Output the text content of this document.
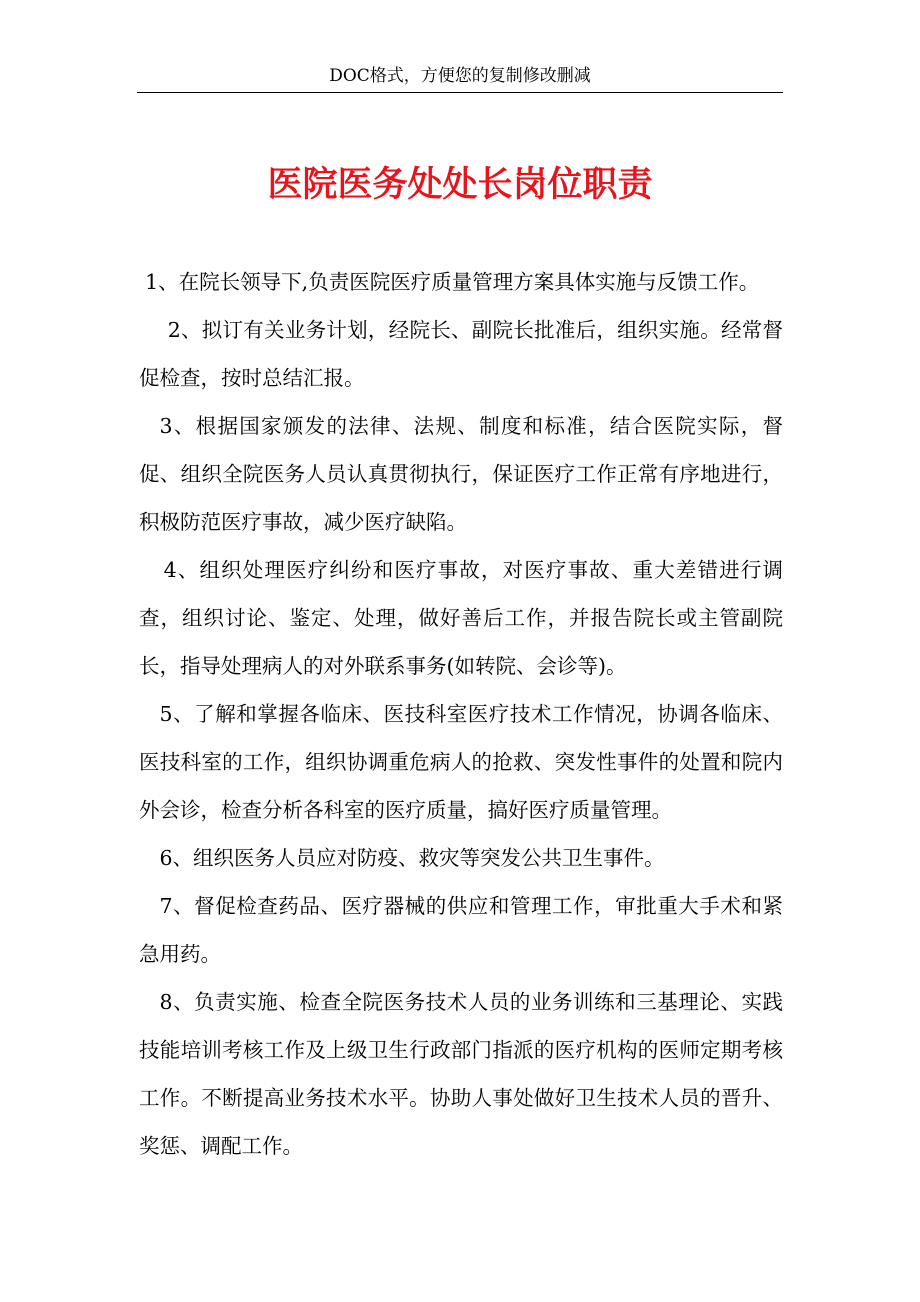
DOC格式，方便您的复制修改删减
医院医务处处长岗位职责

1、在院长领导下,负责医院医疗质量管理方案具体实施与反馈工作。

2、拟订有关业务计划，经院长、副院长批准后，组织实施。经常督促检查，按时总结汇报。

3、根据国家颁发的法律、法规、制度和标准，结合医院实际，督促、组织全院医务人员认真贯彻执行，保证医疗工作正常有序地进行，积极防范医疗事故，减少医疗缺陷。

4、组织处理医疗纠纷和医疗事故，对医疗事故、重大差错进行调查，组织讨论、鉴定、处理，做好善后工作，并报告院长或主管副院长，指导处理病人的对外联系事务(如转院、会诊等)。

5、了解和掌握各临床、医技科室医疗技术工作情况，协调各临床、医技科室的工作，组织协调重危病人的抢救、突发性事件的处置和院内外会诊，检查分析各科室的医疗质量，搞好医疗质量管理。

6、组织医务人员应对防疫、救灾等突发公共卫生事件。

7、督促检查药品、医疗器械的供应和管理工作，审批重大手术和紧急用药。

8、负责实施、检查全院医务技术人员的业务训练和三基理论、实践技能培训考核工作及上级卫生行政部门指派的医疗机构的医师定期考核工作。不断提高业务技术水平。协助人事处做好卫生技术人员的晋升、奖惩、调配工作。
